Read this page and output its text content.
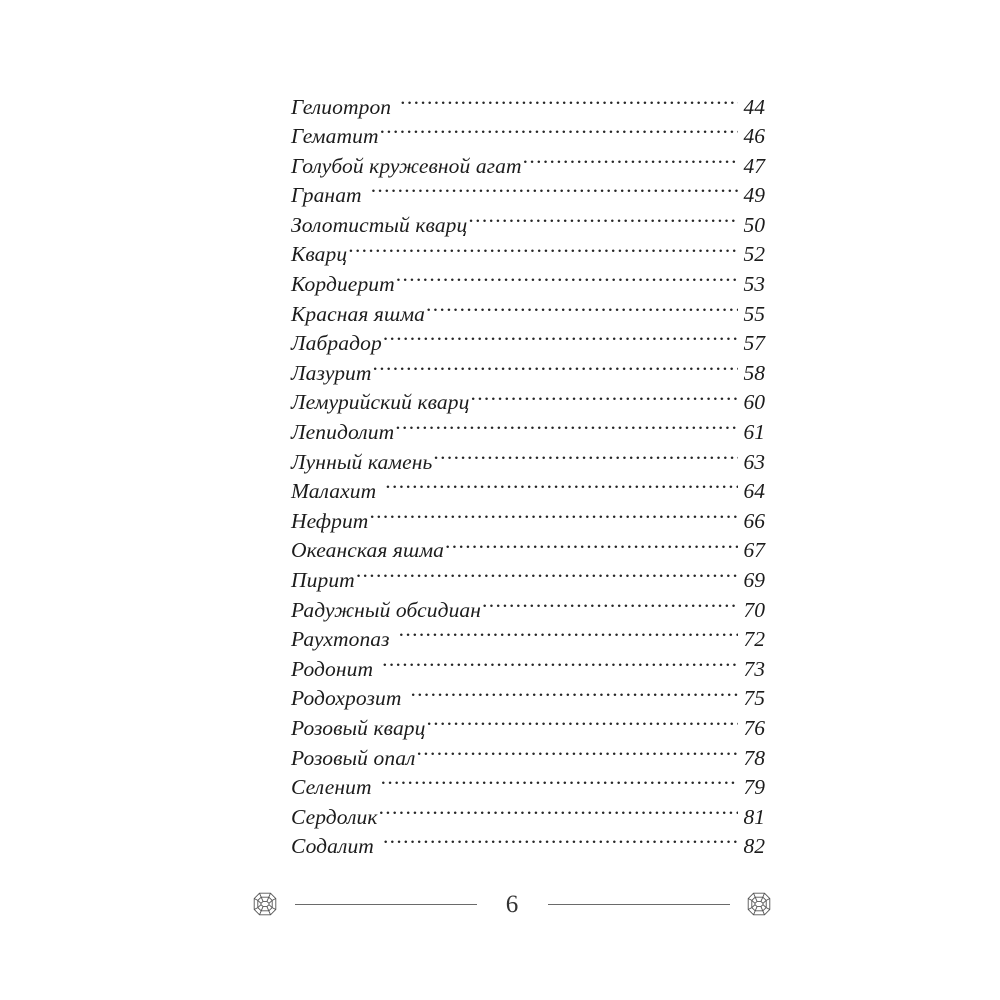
Гелиотроп .....	44
Гематит .....	46
Голубой кружевной агат .....	47
Гранат .....	49
Золотистый кварц .....	50
Кварц .....	52
Кордиерит .....	53
Красная яшма .....	55
Лабрадор .....	57
Лазурит .....	58
Лемурийский кварц .....	60
Лепидолит .....	61
Лунный камень .....	63
Малахит .....	64
Нефрит .....	66
Океанская яшма .....	67
Пирит .....	69
Радужный обсидиан .....	70
Раухтопаз .....	72
Родонит .....	73
Родохрозит .....	75
Розовый кварц .....	76
Розовый опал .....	78
Селенит .....	79
Сердолик .....	81
Содалит .....	82
6
